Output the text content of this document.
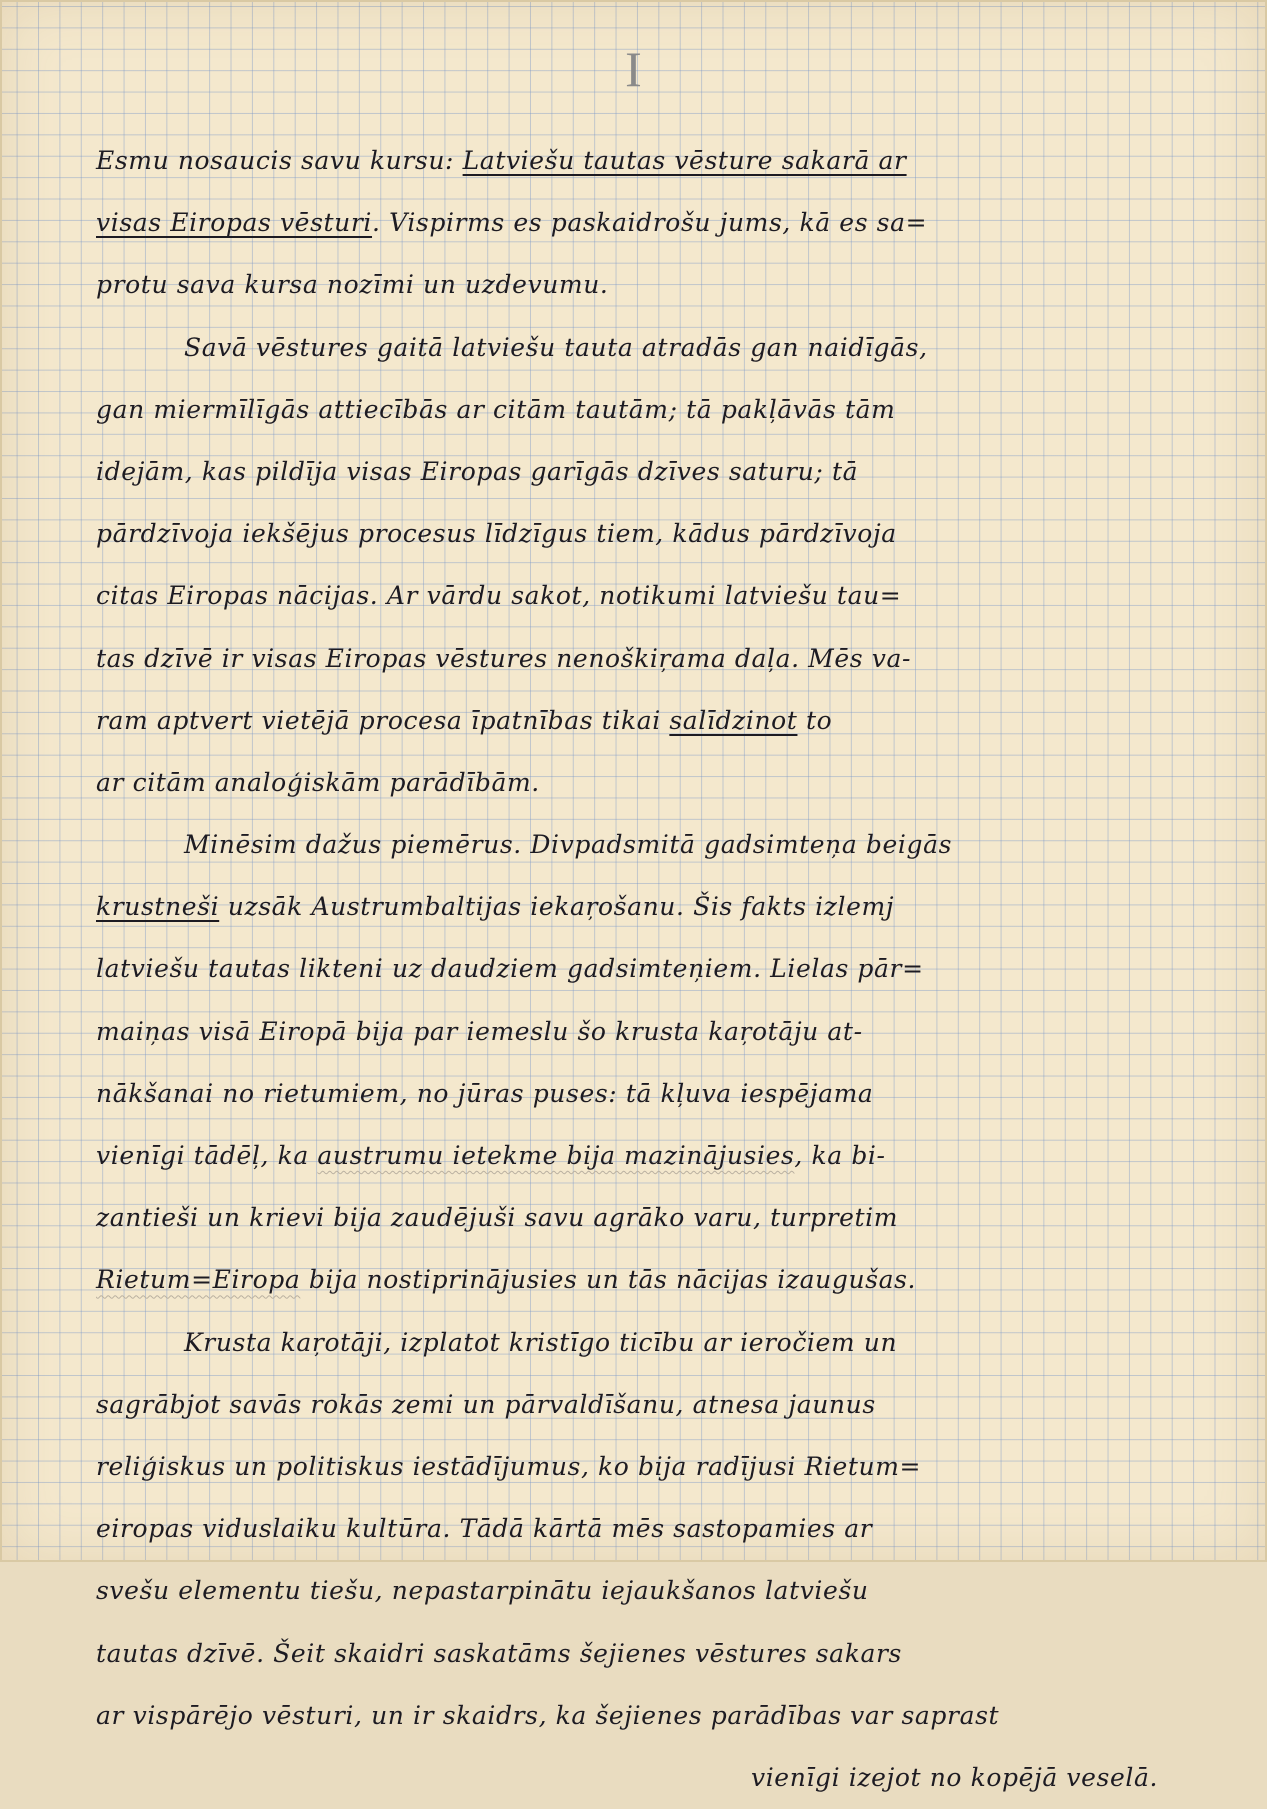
I
Esmu nosaucis savu kursu: Latviešu tautas vēsture sakarā ar
visas Eiropas vēsturi. Vispirms es paskaidrošu jums, kā es sa=
protu sava kursa nozīmi un uzdevumu.
Savā vēstures gaitā latviešu tauta atradās gan naidīgās,
gan miermīlīgās attiecībās ar citām tautām; tā pakļāvās tām
idejām, kas pildīja visas Eiropas garīgās dzīves saturu; tā
pārdzīvoja iekšējus procesus līdzīgus tiem, kādus pārdzīvoja
citas Eiropas nācijas. Ar vārdu sakot, notikumi latviešu tau=
tas dzīvē ir visas Eiropas vēstures nenoškiŗama daļa. Mēs va-
ram aptvert vietējā procesa īpatnības tikai salīdzinot to
ar citām analoģiskām parādībām.
Minēsim dažus piemērus. Divpadsmitā gadsimteņa beigās
krustneši uzsāk Austrumbaltijas iekaŗošanu. Šis fakts izlemj
latviešu tautas likteni uz daudziem gadsimteņiem. Lielas pār=
maiņas visā Eiropā bija par iemeslu šo krusta kaŗotāju at-
nākšanai no rietumiem, no jūras puses: tā kļuva iespējama
vienīgi tādēļ, ka austrumu ietekme bija mazinājusies, ka bi-
zantieši un krievi bija zaudējuši savu agrāko varu, turpretim
Rietum=Eiropa bija nostiprinājusies un tās nācijas izaugušas.
Krusta kaŗotāji, izplatot kristīgo ticību ar ieročiem un
sagrābjot savās rokās zemi un pārvaldīšanu, atnesa jaunus
reliģiskus un politiskus iestādījumus, ko bija radījusi Rietum=
eiropas viduslaiku kultūra. Tādā kārtā mēs sastopamies ar
svešu elementu tiešu, nepastarpinātu iejaukšanos latviešu
tautas dzīvē. Šeit skaidri saskatāms šejienes vēstures sakars
ar vispārējo vēsturi, un ir skaidrs, ka šejienes parādības var saprast
vienīgi izejot no kopējā veselā.
